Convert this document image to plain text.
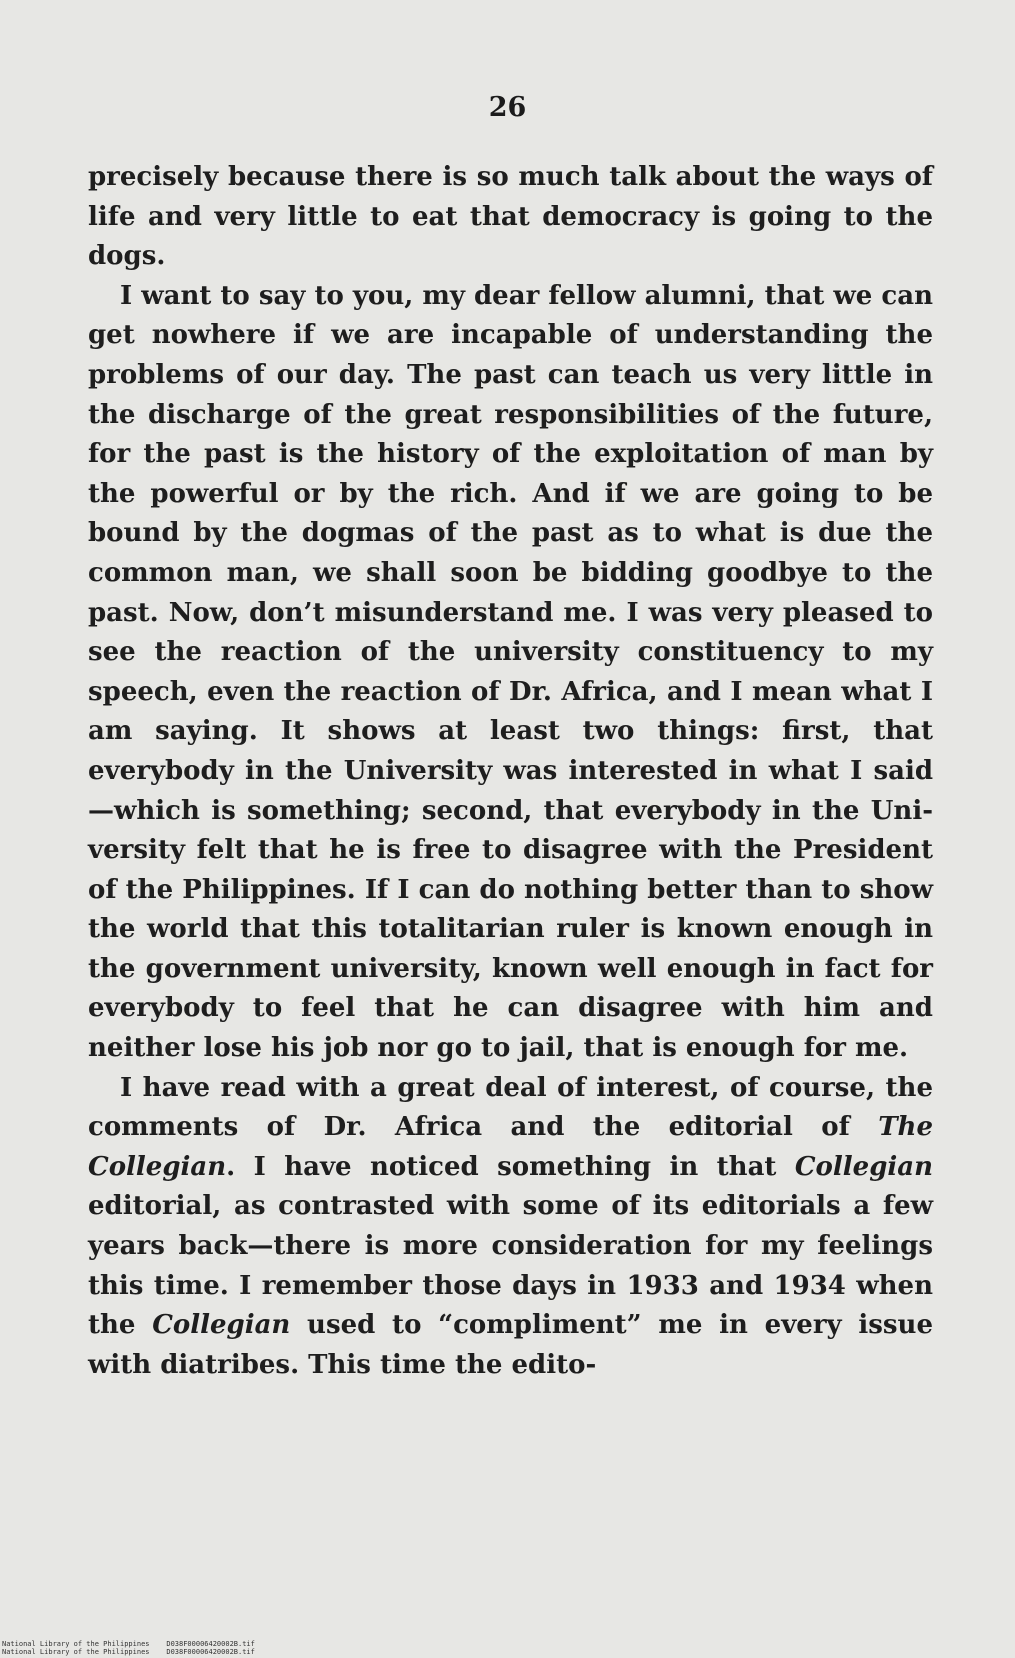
26

precisely because there is so much talk about the ways of life and very little to eat that democracy is going to the dogs.

I want to say to you, my dear fellow alumni, that we can get nowhere if we are incapable of understanding the problems of our day. The past can teach us very little in the discharge of the great responsibilities of the future, for the past is the history of the exploitation of man by the powerful or by the rich. And if we are going to be bound by the dogmas of the past as to what is due the common man, we shall soon be bidding goodbye to the past. Now, don’t misunderstand me. I was very pleased to see the reaction of the university constituency to my speech, even the reaction of Dr. Africa, and I mean what I am saying. It shows at least two things: first, that everybody in the University was interested in what I said—which is something; second, that everybody in the University felt that he is free to disagree with the President of the Philippines. If I can do nothing better than to show the world that this totalitarian ruler is known enough in the government university, known well enough in fact for everybody to feel that he can disagree with him and neither lose his job nor go to jail, that is enough for me.

I have read with a great deal of interest, of course, the comments of Dr. Africa and the editorial of The Collegian. I have noticed something in that Collegian editorial, as contrasted with some of its editorials a few years back—there is more consideration for my feelings this time. I remember those days in 1933 and 1934 when the Collegian used to “compliment” me in every issue with diatribes. This time the edito-

National Library of the Philippines    D038F00006420002B.tif
National Library of the Philippines    D038F00006420002B.tif
